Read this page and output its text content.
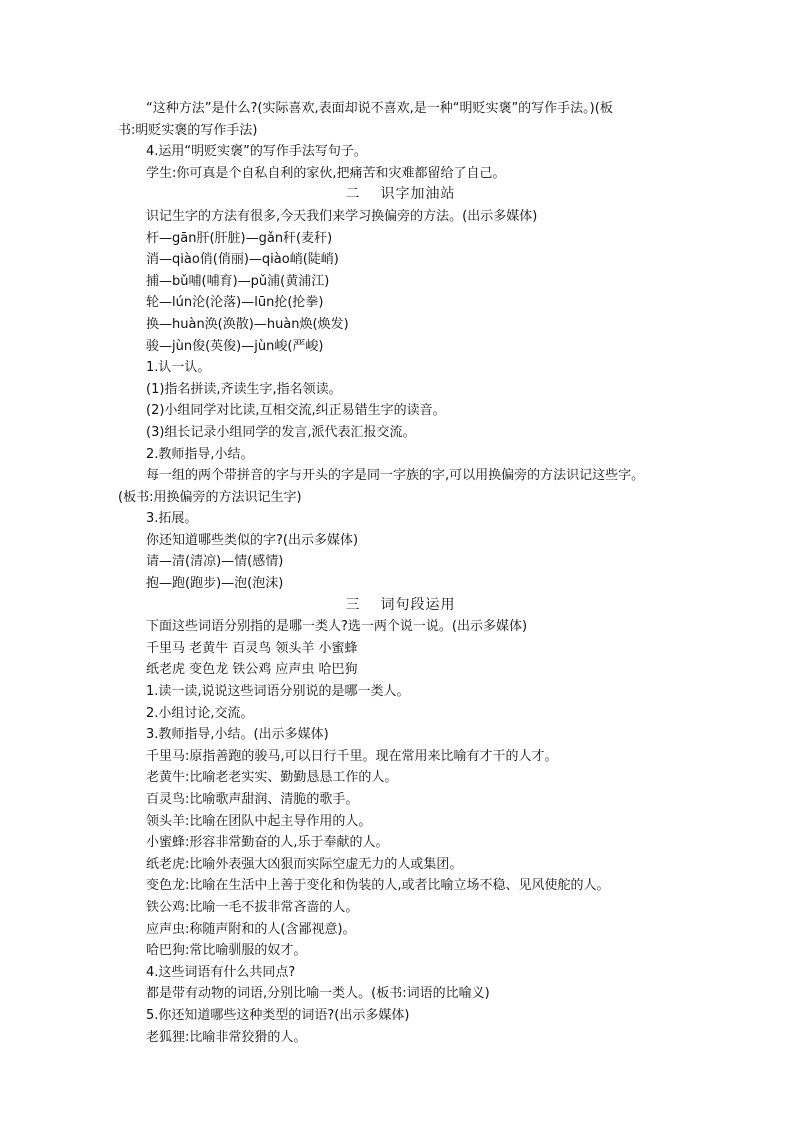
“这种方法”是什么?(实际喜欢,表面却说不喜欢,是一种“明贬实褒”的写作手法。)(板
书:明贬实褒的写作手法)
4.运用“明贬实褒”的写作手法写句子。
学生:你可真是个自私自利的家伙,把痛苦和灾难都留给了自己。
二 识字加油站
识记生字的方法有很多,今天我们来学习换偏旁的方法。(出示多媒体)
杆—gān肝(肝脏)—gǎn秆(麦秆)
消—qiào俏(俏丽)—qiào峭(陡峭)
捕—bǔ哺(哺育)—pǔ浦(黄浦江)
轮—lún沦(沦落)—lūn抡(抡拳)
换—huàn涣(涣散)—huàn焕(焕发)
骏—jùn俊(英俊)—jùn峻(严峻)
1.认一认。
(1)指名拼读,齐读生字,指名领读。
(2)小组同学对比读,互相交流,纠正易错生字的读音。
(3)组长记录小组同学的发言,派代表汇报交流。
2.教师指导,小结。
每一组的两个带拼音的字与开头的字是同一字族的字,可以用换偏旁的方法识记这些字。
(板书:用换偏旁的方法识记生字)
3.拓展。
你还知道哪些类似的字?(出示多媒体)
请—清(清凉)—情(感情)
抱—跑(跑步)—泡(泡沫)
三 词句段运用
下面这些词语分别指的是哪一类人?选一两个说一说。(出示多媒体)
千里马 老黄牛 百灵鸟 领头羊 小蜜蜂
纸老虎 变色龙 铁公鸡 应声虫 哈巴狗
1.读一读,说说这些词语分别说的是哪一类人。
2.小组讨论,交流。
3.教师指导,小结。(出示多媒体)
千里马:原指善跑的骏马,可以日行千里。现在常用来比喻有才干的人才。
老黄牛:比喻老老实实、勤勤恳恳工作的人。
百灵鸟:比喻歌声甜润、清脆的歌手。
领头羊:比喻在团队中起主导作用的人。
小蜜蜂:形容非常勤奋的人,乐于奉献的人。
纸老虎:比喻外表强大凶狠而实际空虚无力的人或集团。
变色龙:比喻在生活中上善于变化和伪装的人,或者比喻立场不稳、见风使舵的人。
铁公鸡:比喻一毛不拔非常吝啬的人。
应声虫:称随声附和的人(含鄙视意)。
哈巴狗:常比喻驯服的奴才。
4.这些词语有什么共同点?
都是带有动物的词语,分别比喻一类人。(板书:词语的比喻义)
5.你还知道哪些这种类型的词语?(出示多媒体)
老狐狸:比喻非常狡猾的人。
